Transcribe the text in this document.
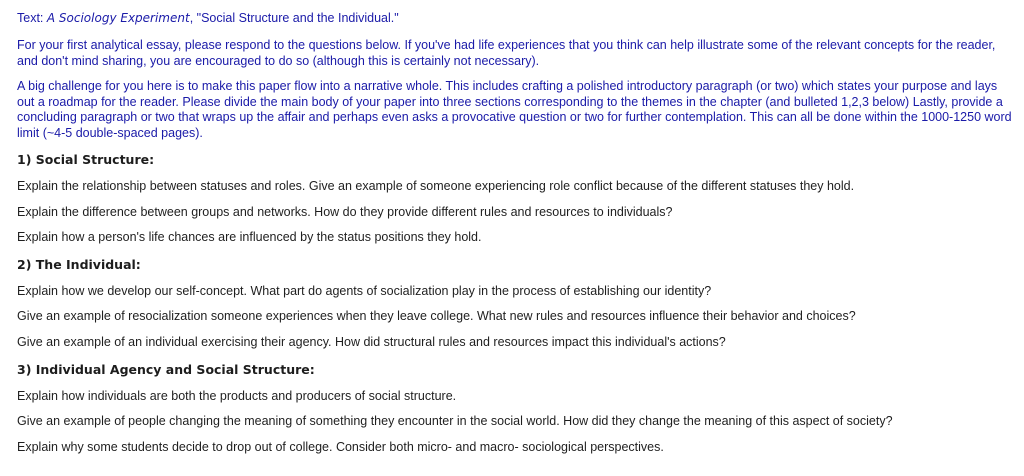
Text: A Sociology Experiment, "Social Structure and the Individual."

For your first analytical essay, please respond to the questions below. If you've had life experiences that you think can help illustrate some of the relevant concepts for the reader, and don't mind sharing, you are encouraged to do so (although this is certainly not necessary).

A big challenge for you here is to make this paper flow into a narrative whole. This includes crafting a polished introductory paragraph (or two) which states your purpose and lays out a roadmap for the reader. Please divide the main body of your paper into three sections corresponding to the themes in the chapter (and bulleted 1,2,3 below) Lastly, provide a concluding paragraph or two that wraps up the affair and perhaps even asks a provocative question or two for further contemplation. This can all be done within the 1000-1250 word limit (~4-5 double-spaced pages).

1) Social Structure:
Explain the relationship between statuses and roles. Give an example of someone experiencing role conflict because of the different statuses they hold.
Explain the difference between groups and networks. How do they provide different rules and resources to individuals?
Explain how a person's life chances are influenced by the status positions they hold.
2) The Individual:
Explain how we develop our self-concept. What part do agents of socialization play in the process of establishing our identity?
Give an example of resocialization someone experiences when they leave college. What new rules and resources influence their behavior and choices?
Give an example of an individual exercising their agency. How did structural rules and resources impact this individual's actions?
3) Individual Agency and Social Structure:
Explain how individuals are both the products and producers of social structure.
Give an example of people changing the meaning of something they encounter in the social world. How did they change the meaning of this aspect of society?
Explain why some students decide to drop out of college. Consider both micro- and macro- sociological perspectives.
